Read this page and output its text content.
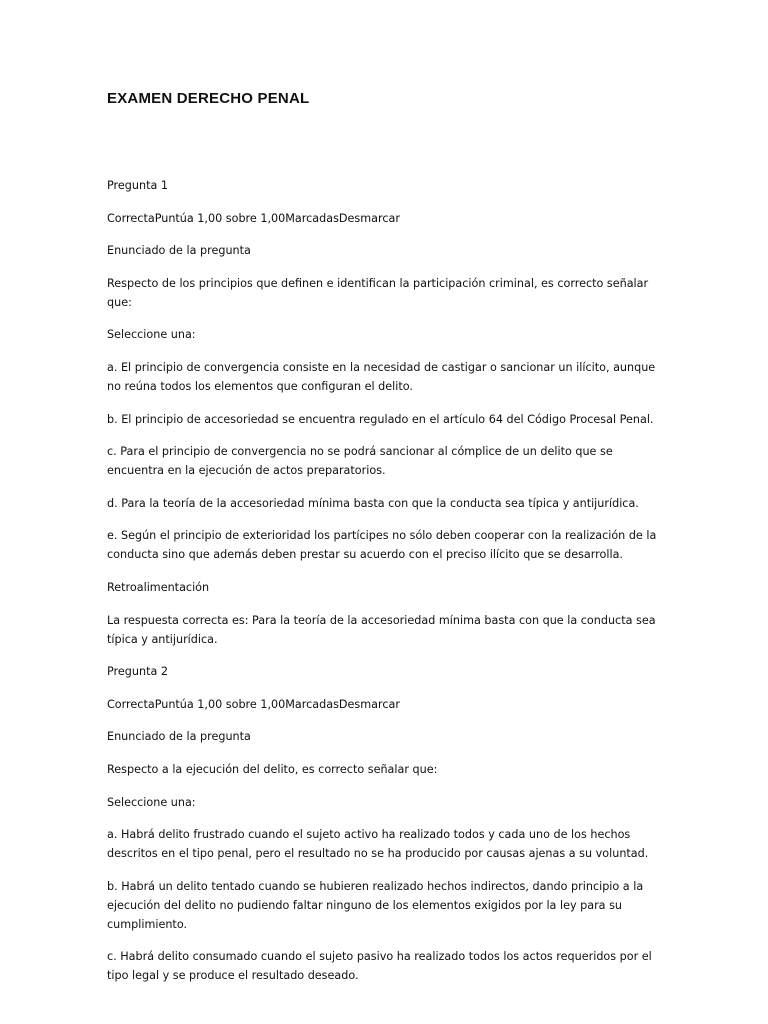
EXAMEN DERECHO PENAL

Pregunta 1

CorrectaPuntúa 1,00 sobre 1,00MarcadasDesmarcar

Enunciado de la pregunta

Respecto de los principios que definen e identifican la participación criminal, es correcto señalar que:

Seleccione una:

a. El principio de convergencia consiste en la necesidad de castigar o sancionar un ilícito, aunque no reúna todos los elementos que configuran el delito.

b. El principio de accesoriedad se encuentra regulado en el artículo 64 del Código Procesal Penal.

c. Para el principio de convergencia no se podrá sancionar al cómplice de un delito que se encuentra en la ejecución de actos preparatorios.

d. Para la teoría de la accesoriedad mínima basta con que la conducta sea típica y antijurídica.

e. Según el principio de exterioridad los partícipes no sólo deben cooperar con la realización de la conducta sino que además deben prestar su acuerdo con el preciso ilícito que se desarrolla.

Retroalimentación

La respuesta correcta es: Para la teoría de la accesoriedad mínima basta con que la conducta sea típica y antijurídica.

Pregunta 2

CorrectaPuntúa 1,00 sobre 1,00MarcadasDesmarcar

Enunciado de la pregunta

Respecto a la ejecución del delito, es correcto señalar que:

Seleccione una:

a. Habrá delito frustrado cuando el sujeto activo ha realizado todos y cada uno de los hechos descritos en el tipo penal, pero el resultado no se ha producido por causas ajenas a su voluntad.

b. Habrá un delito tentado cuando se hubieren realizado hechos indirectos, dando principio a la ejecución del delito no pudiendo faltar ninguno de los elementos exigidos por la ley para su cumplimiento.

c. Habrá delito consumado cuando el sujeto pasivo ha realizado todos los actos requeridos por el tipo legal y se produce el resultado deseado.
